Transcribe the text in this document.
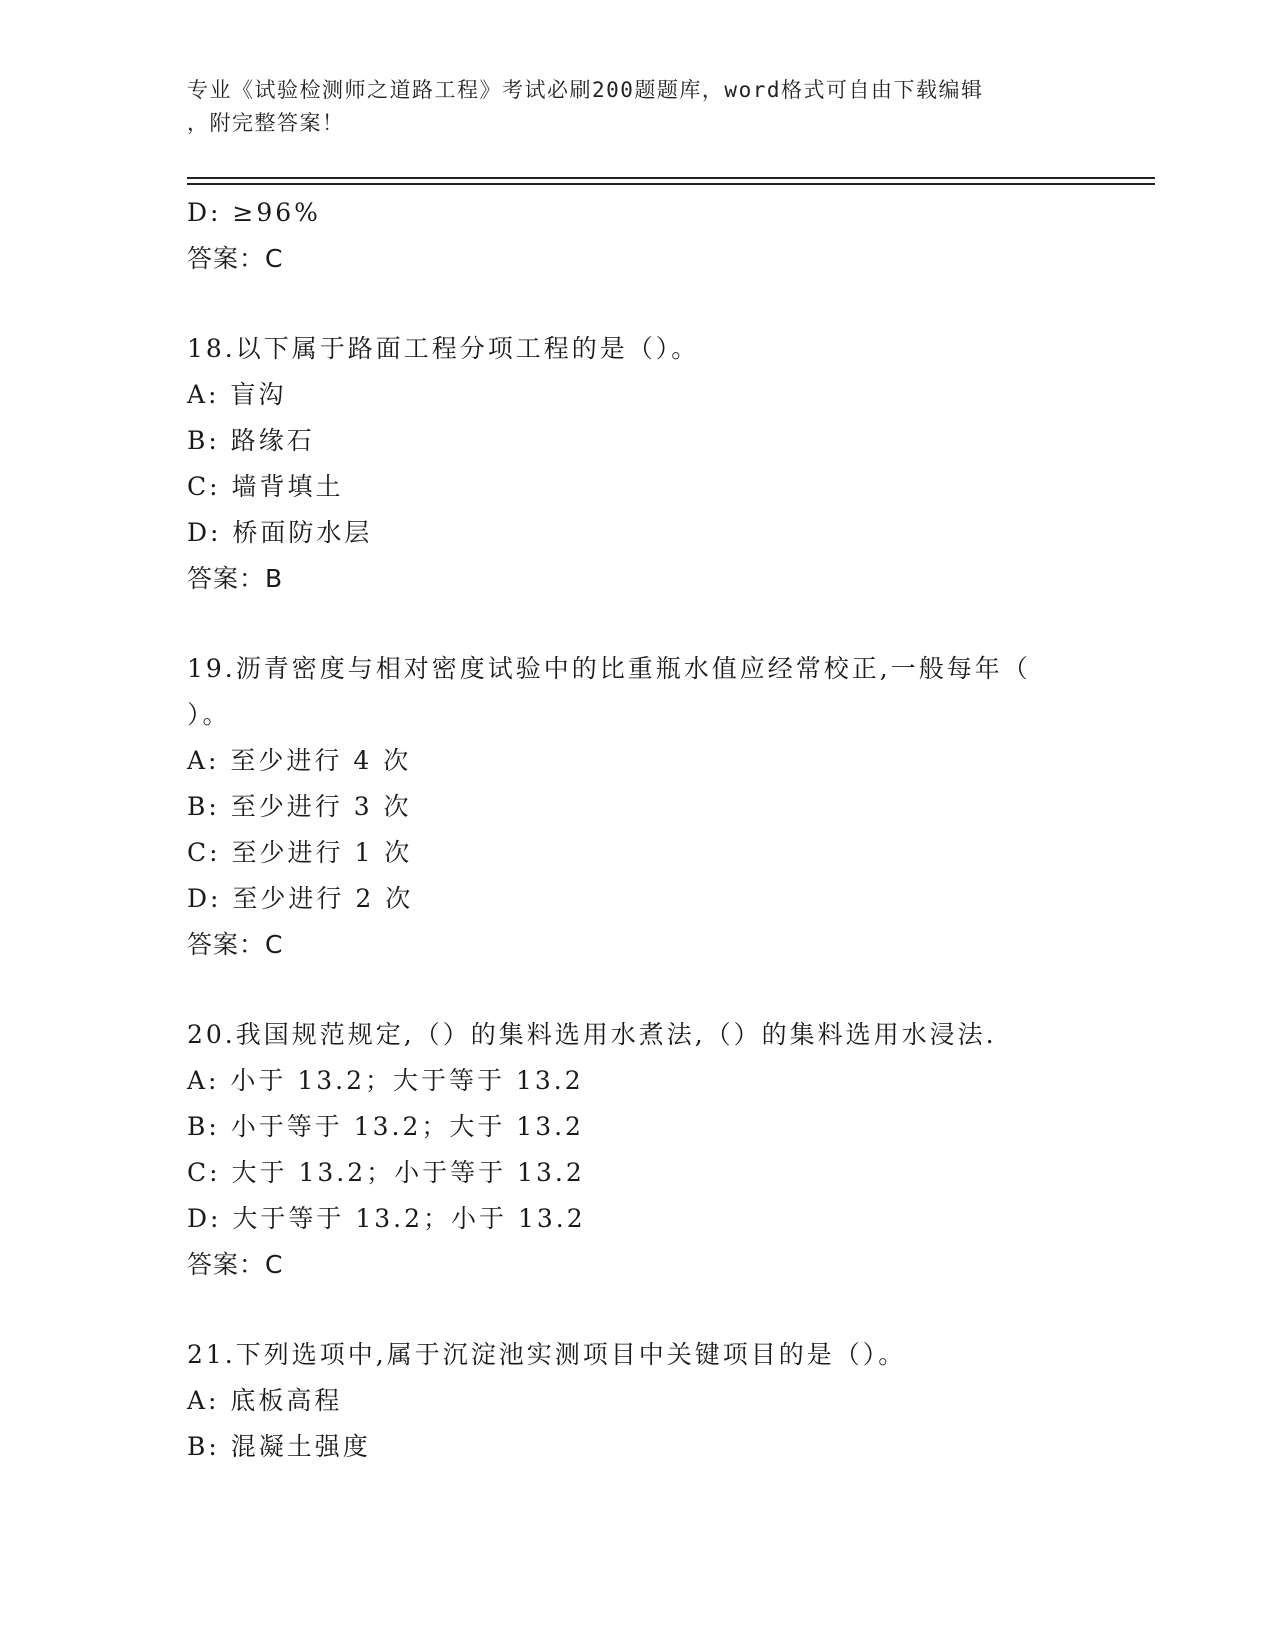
专业《试验检测师之道路工程》考试必刷200题题库，word格式可自由下载编辑
，附完整答案！
D: ≥96%
答案：C
18.以下属于路面工程分项工程的是（）。
A: 盲沟
B: 路缘石
C: 墙背填土
D: 桥面防水层
答案：B
19.沥青密度与相对密度试验中的比重瓶水值应经常校正,一般每年（
）。
A: 至少进行 4 次
B: 至少进行 3 次
C: 至少进行 1 次
D: 至少进行 2 次
答案：C
20.我国规范规定,（）的集料选用水煮法,（）的集料选用水浸法.
A: 小于 13.2；大于等于 13.2
B: 小于等于 13.2；大于 13.2
C: 大于 13.2；小于等于 13.2
D: 大于等于 13.2；小于 13.2
答案：C
21.下列选项中,属于沉淀池实测项目中关键项目的是（）。
A: 底板高程
B: 混凝土强度
